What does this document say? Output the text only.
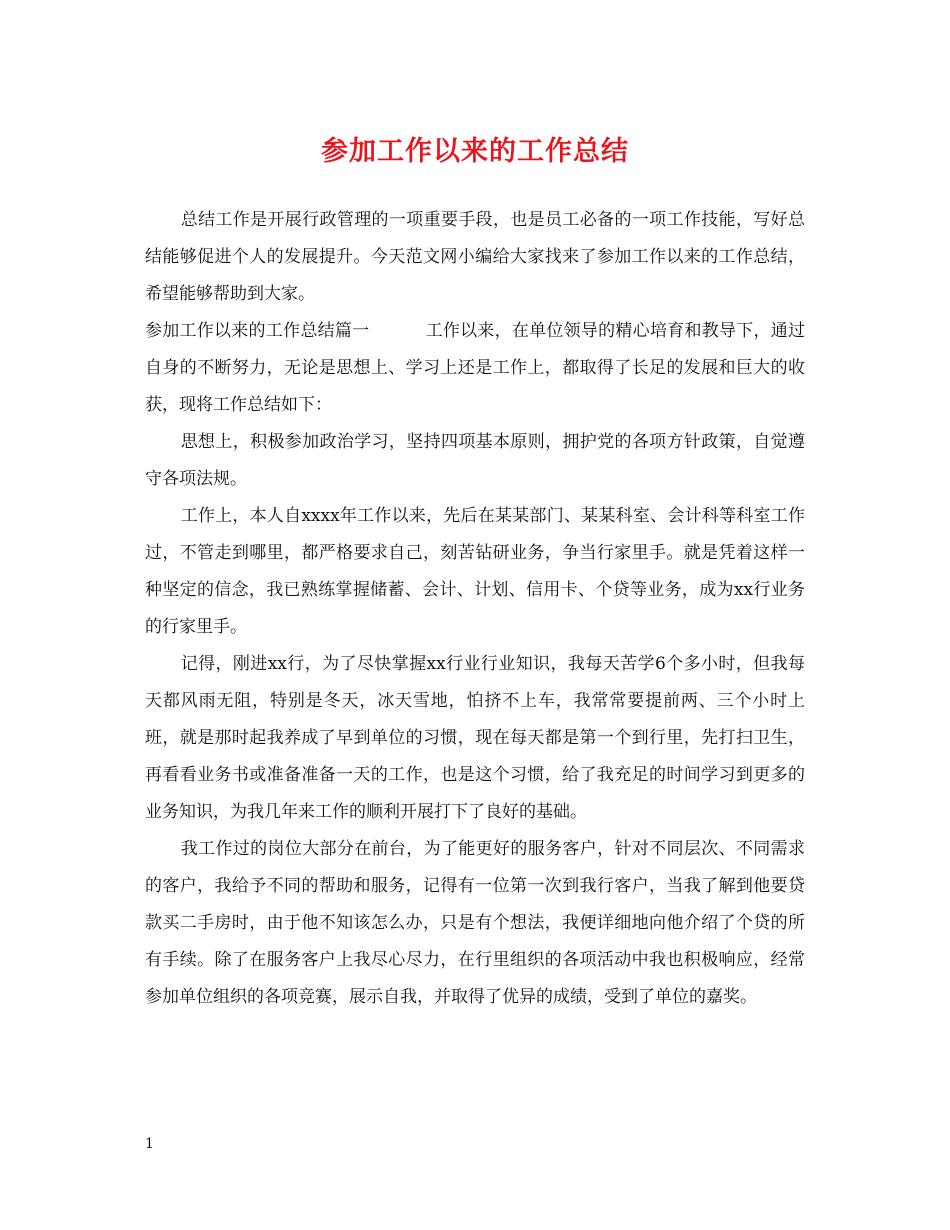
参加工作以来的工作总结

总结工作是开展行政管理的一项重要手段，也是员工必备的一项工作技能，写好总结能够促进个人的发展提升。今天范文网小编给大家找来了参加工作以来的工作总结，希望能够帮助到大家。

参加工作以来的工作总结篇一	工作以来，在单位领导的精心培育和教导下，通过自身的不断努力，无论是思想上、学习上还是工作上，都取得了长足的发展和巨大的收获，现将工作总结如下：

思想上，积极参加政治学习，坚持四项基本原则，拥护党的各项方针政策，自觉遵守各项法规。

工作上，本人自xxxx年工作以来，先后在某某部门、某某科室、会计科等科室工作过，不管走到哪里，都严格要求自己，刻苦钻研业务，争当行家里手。就是凭着这样一种坚定的信念，我已熟练掌握储蓄、会计、计划、信用卡、个贷等业务，成为xx行业务的行家里手。

记得，刚进xx行，为了尽快掌握xx行业行业知识，我每天苦学6个多小时，但我每天都风雨无阻，特别是冬天，冰天雪地，怕挤不上车，我常常要提前两、三个小时上班，就是那时起我养成了早到单位的习惯，现在每天都是第一个到行里，先打扫卫生，再看看业务书或准备准备一天的工作，也是这个习惯，给了我充足的时间学习到更多的业务知识，为我几年来工作的顺利开展打下了良好的基础。

我工作过的岗位大部分在前台，为了能更好的服务客户，针对不同层次、不同需求的客户，我给予不同的帮助和服务，记得有一位第一次到我行客户，当我了解到他要贷款买二手房时，由于他不知该怎么办，只是有个想法，我便详细地向他介绍了个贷的所有手续。除了在服务客户上我尽心尽力，在行里组织的各项活动中我也积极响应，经常参加单位组织的各项竞赛，展示自我，并取得了优异的成绩，受到了单位的嘉奖。

1
